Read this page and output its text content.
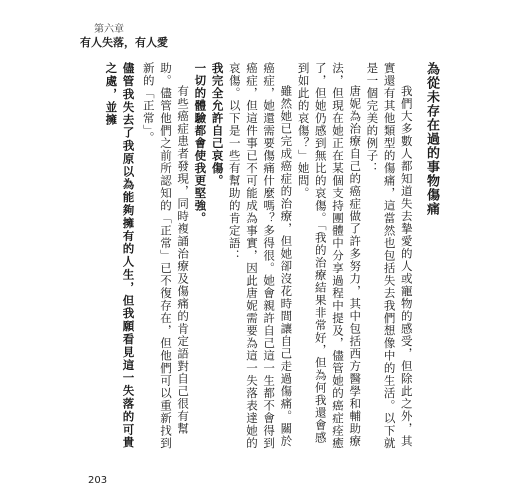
第六章
有人失落，有人愛
為從未存在過的事物傷痛

我們大多數人都知道失去摯愛的人或寵物的感受，但除此之外，其實還有其他類型的傷痛，這當然也包括失去我們想像中的生活。以下就是一個完美的例子：

唐妮為治療自己的癌症做了許多努力，其中包括西方醫學和輔助療法，但現在她正在某個支持團體中分享過程中提及，儘管她的癌症痊癒了，但她仍感到無比的哀傷。「我的治療結果非常好，但為何我還會感到如此的哀傷？」她問。

雖然她已完成癌症的治療，但她卻沒花時間讓自己走過傷痛。關於癌症，她還需要傷痛什麼嗎？多得很。她會親許自己這一生都不會得到癌症，但這件事已不可能成為事實，因此唐妮需要為這一失落表達她的哀傷。以下是一些有幫助的肯定語：

我完全允許自己哀傷。

一切的體驗都會使我更堅強。

有些癌症患者發現，同時複誦治療及傷痛的肯定語對自己很有幫助。儘管他們之前所認知的「正常」已不復存在，但他們可以重新找到新的「正常」。

儘管我失去了我原以為能夠擁有的人生，但我願看見這一失落的可貴之處，並擁

203
